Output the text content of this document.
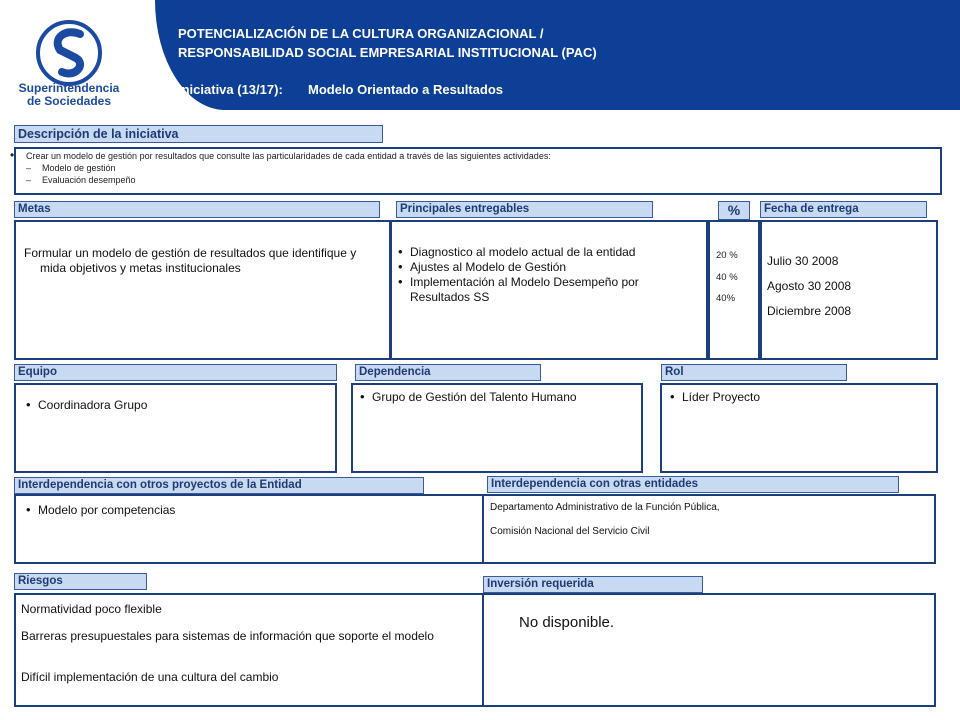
POTENCIALIZACIÓN DE LA CULTURA ORGANIZACIONAL /
RESPONSABILIDAD SOCIAL EMPRESARIAL INSTITUCIONAL (PAC)
Iniciativa (13/17): Modelo Orientado a Resultados
Superintendencia
de Sociedades
Descripción de la iniciativa
• Crear un modelo de gestión por resultados que consulte las particularidades de cada entidad a través de las siguientes actividades:
– Modelo de gestión
– Evaluación desempeño
Metas	Principales entregables	%	Fecha de entrega
Formular un modelo de gestión de resultados que identifique y mida objetivos y metas institucionales
• Diagnostico al modelo actual de la entidad
• Ajustes al Modelo de Gestión
• Implementación al Modelo Desempeño por Resultados SS
20 %
40 %
40%
Julio 30 2008
Agosto 30 2008
Diciembre 2008
Equipo	Dependencia	Rol
• Coordinadora Grupo
• Grupo de Gestión del Talento Humano
•	Líder Proyecto
Interdependencia con otros proyectos de la Entidad	Interdependencia con otras entidades
• Modelo por competencias	Departamento Administrativo de la Función Pública,
Comisión Nacional del Servicio Civil
Riesgos	Inversión requerida
Normatividad poco flexible
Barreras presupuestales para sistemas de información que soporte el modelo
Difícil implementación de una cultura del cambio
No disponible.
